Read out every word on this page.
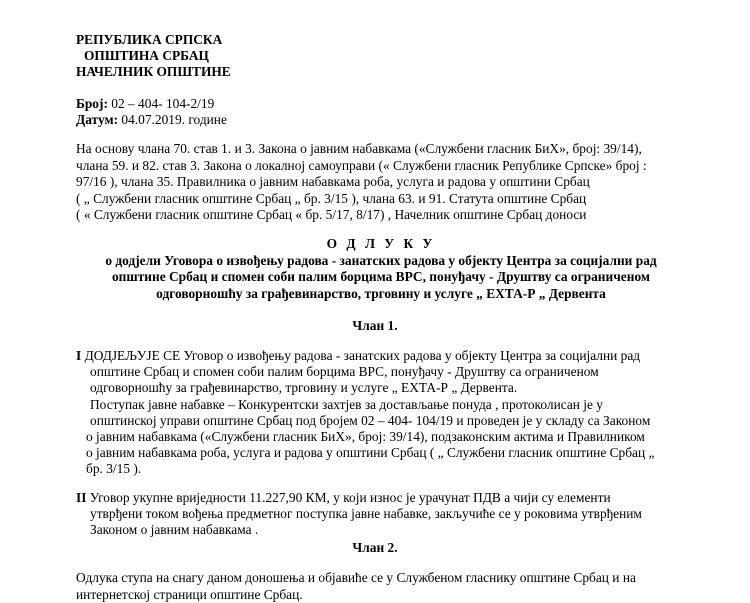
РЕПУБЛИКА СРПСКА
ОПШТИНА СРБАЦ
НАЧЕЛНИК ОПШТИНЕ
Број: 02 – 404- 104-2/19
Датум: 04.07.2019. године
На основу члана 70. став 1. и 3. Закона о јавним набавкама («Службени гласник БиХ», број: 39/14),
члана 59. и 82. став 3. Закона о локалној самоуправи (« Службени гласник Републике Српске» број :
97/16 ), члана 35. Правилника о јавним набавкама роба, услуга и радова у општини Србац
( „ Службени гласник општине Србац „ бр. 3/15 ), члана 63. и 91. Статута општине Србац
( « Службени гласник општине Србац « бр. 5/17, 8/17) , Начелник општине Србац доноси
О Д Л У К У
о додјели Уговора о извођењу радова - занатских радова у објекту Центра за социјални рад
општине Србац и спомен соби палим борцима ВРС, понуђачу - Друштву са ограниченом
одговорношћу за грађевинарство, трговину и услуге „ ЕХТА-Р „ Дервента
Члан 1.
I ДОДЈЕЉУЈЕ СЕ Уговор о извођењу радова - занатских радова у објекту Центра за социјални рад
општине Србац и спомен соби палим борцима ВРС, понуђачу - Друштву са ограниченом
одговорношћу за грађевинарство, трговину и услуге „ ЕХТА-Р „ Дервента.
Поступак јавне набавке – Конкурентски захтјев за достављање понуда , протоколисан је у
општинској управи општине Србац под бројем 02 – 404- 104/19 и проведен је у складу са Законом
о јавним набавкама («Службени гласник БиХ», број: 39/14), подзаконским актима и Правилником
о јавним набавкама роба, услуга и радова у општини Србац ( „ Службени гласник општине Србац „
бр. 3/15 ).
II Уговор укупне вриједности 11.227,90 КМ, у који износ је урачунат ПДВ а чији су елементи
утврђени током вођења предметног поступка јавне набавке, закључиће се у роковима утврђеним
Законом о јавним набавкама .
Члан 2.
Одлука ступа на снагу даном доношења и објавиће се у Службеном гласнику општине Србац и на
интернетској страници општине Србац.
